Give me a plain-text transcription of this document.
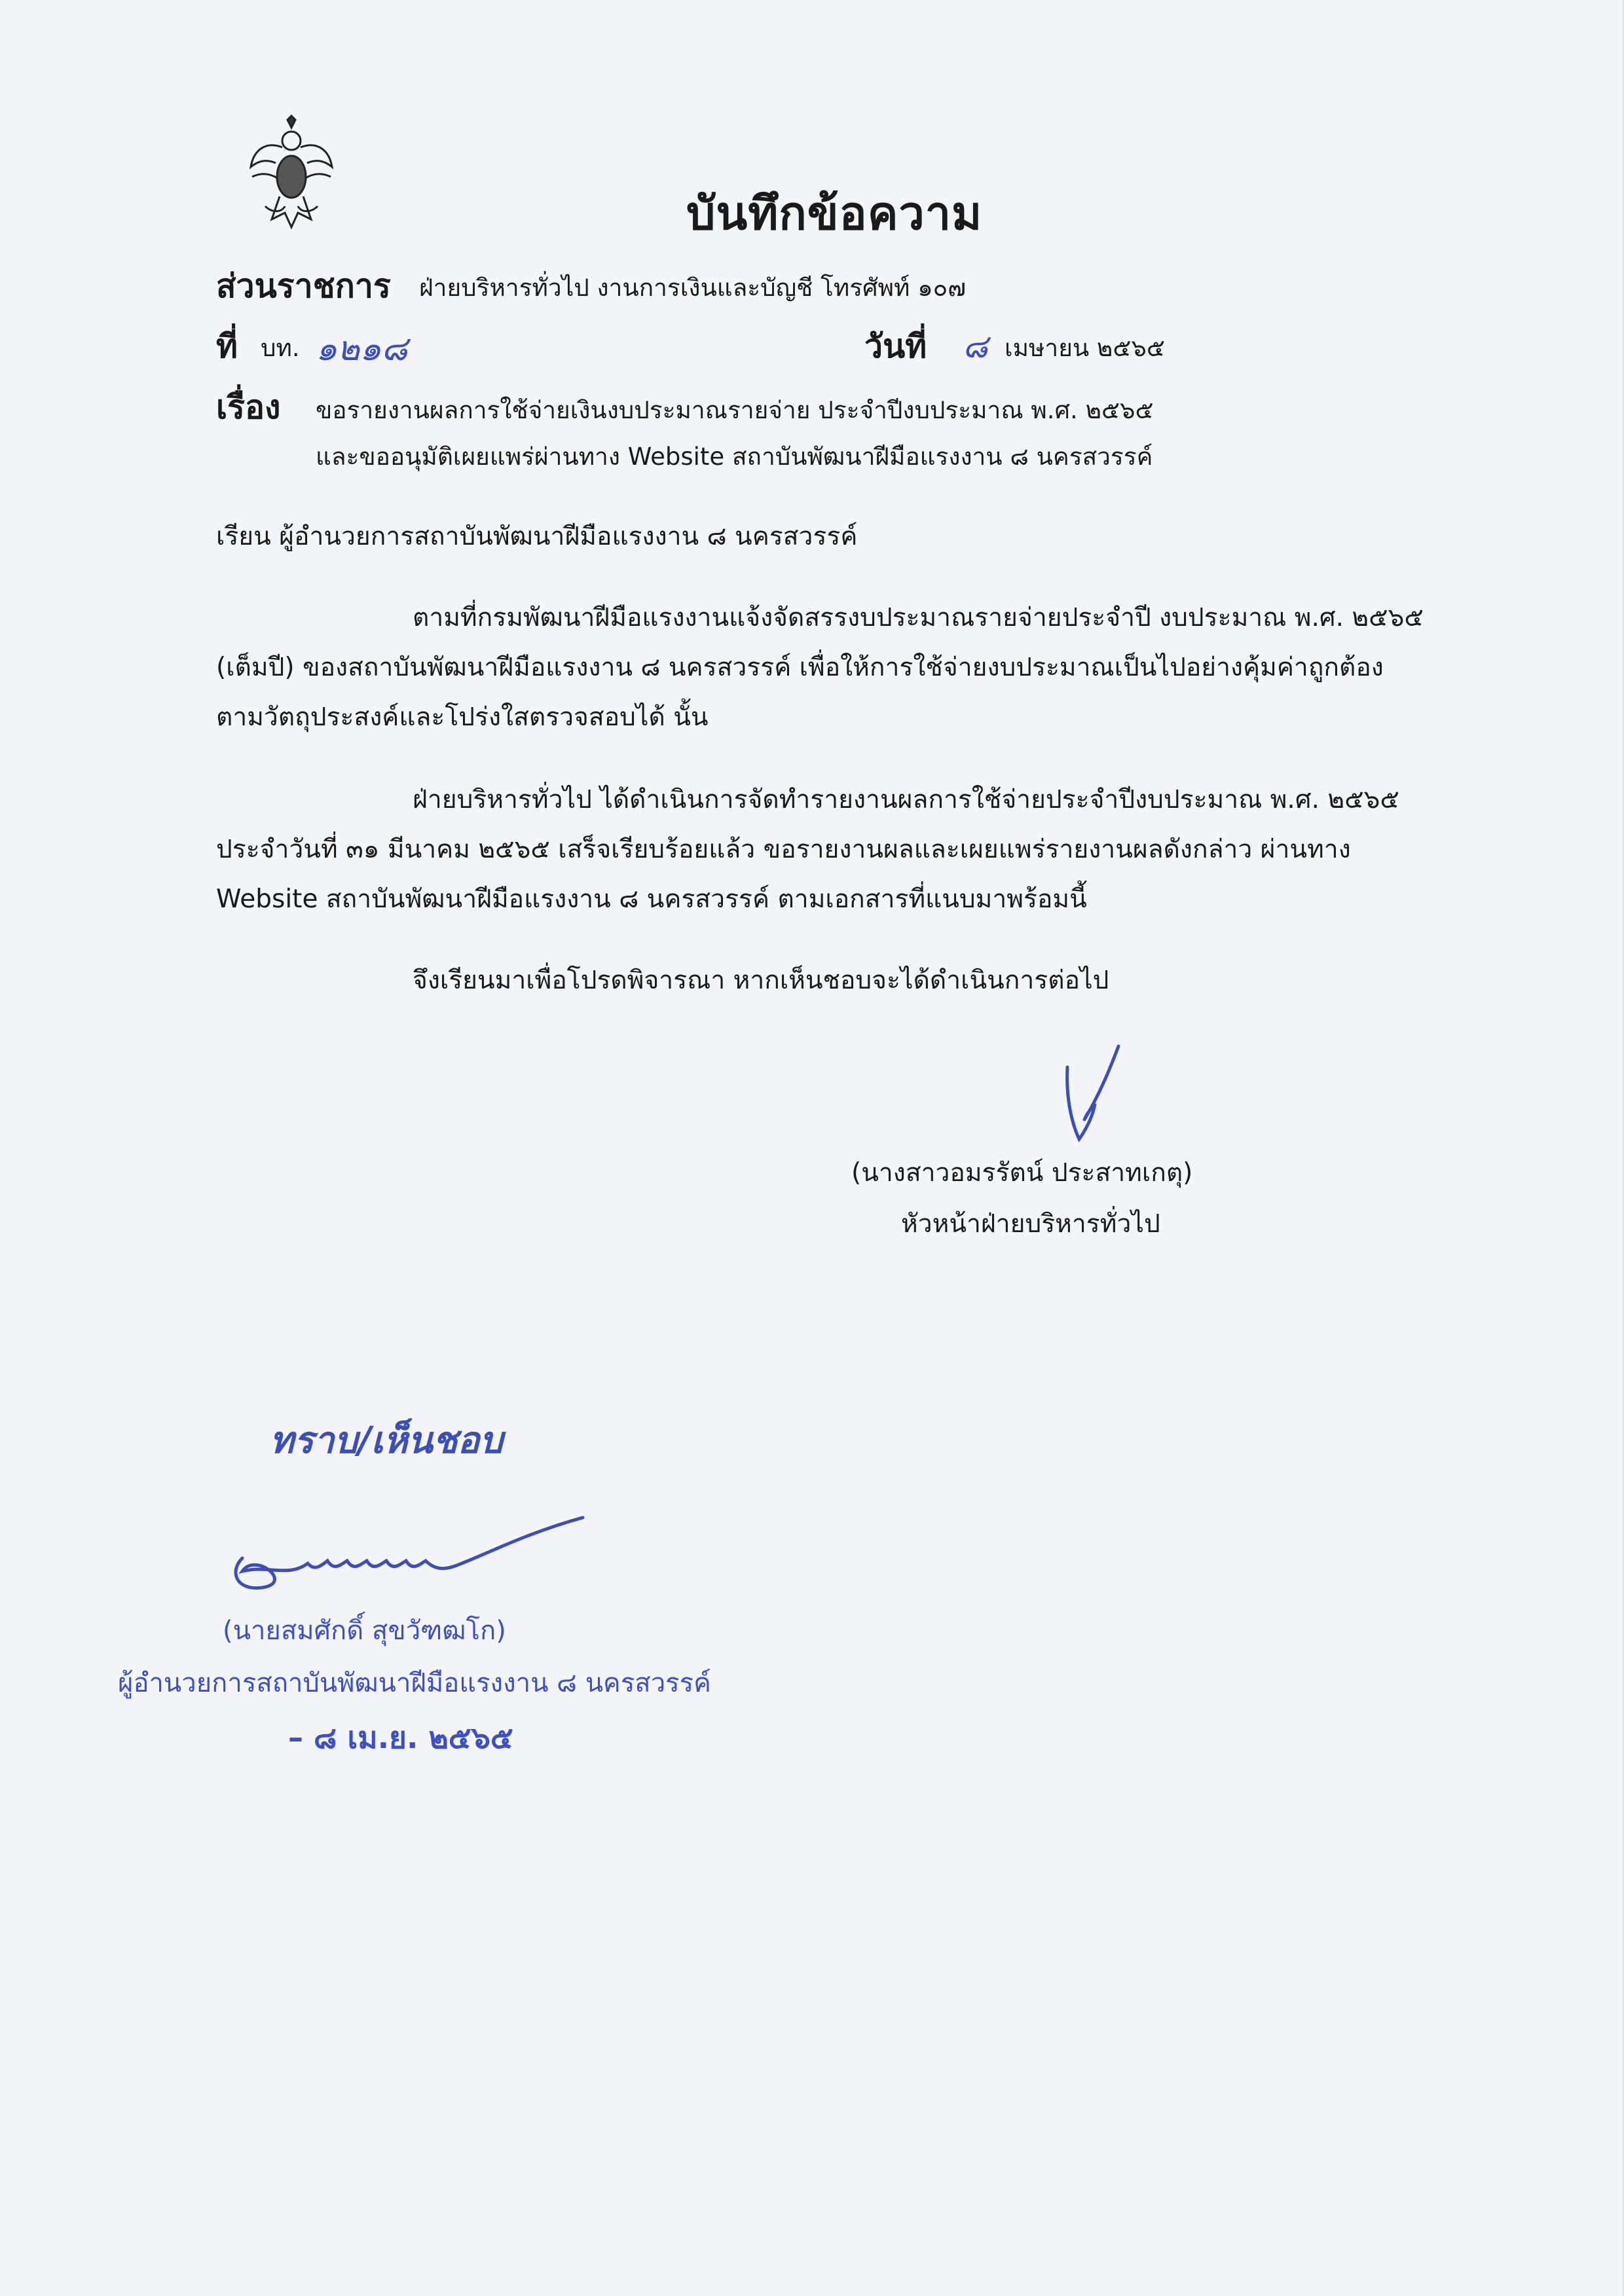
บันทึกข้อความ
ส่วนราชการ ฝ่ายบริหารทั่วไป งานการเงินและบัญชี โทรศัพท์ ๑๐๗
ที่ บท. ๑๒๑๘	วันที่ ๘ เมษายน ๒๕๖๕
เรื่อง ขอรายงานผลการใช้จ่ายเงินงบประมาณรายจ่าย ประจำปีงบประมาณ พ.ศ. ๒๕๖๕
และขออนุมัติเผยแพร่ผ่านทาง Website สถาบันพัฒนาฝีมือแรงงาน ๘ นครสวรรค์
เรียน ผู้อำนวยการสถาบันพัฒนาฝีมือแรงงาน ๘ นครสวรรค์
ตามที่กรมพัฒนาฝีมือแรงงานแจ้งจัดสรรงบประมาณรายจ่ายประจำปี งบประมาณ พ.ศ. ๒๕๖๕
(เต็มปี) ของสถาบันพัฒนาฝีมือแรงงาน ๘ นครสวรรค์ เพื่อให้การใช้จ่ายงบประมาณเป็นไปอย่างคุ้มค่าถูกต้อง
ตามวัตถุประสงค์และโปร่งใสตรวจสอบได้ นั้น
ฝ่ายบริหารทั่วไป ได้ดำเนินการจัดทำรายงานผลการใช้จ่ายประจำปีงบประมาณ พ.ศ. ๒๕๖๕
ประจำวันที่ ๓๑ มีนาคม ๒๕๖๕ เสร็จเรียบร้อยแล้ว ขอรายงานผลและเผยแพร่รายงานผลดังกล่าว ผ่านทาง
Website สถาบันพัฒนาฝีมือแรงงาน ๘ นครสวรรค์ ตามเอกสารที่แนบมาพร้อมนี้
จึงเรียนมาเพื่อโปรดพิจารณา หากเห็นชอบจะได้ดำเนินการต่อไป
(นางสาวอมรรัตน์ ประสาทเกตุ)
หัวหน้าฝ่ายบริหารทั่วไป
ทราบ/เห็นชอบ
(นายสมศักดิ์ สุขวัฑฒโก)
ผู้อำนวยการสถาบันพัฒนาฝีมือแรงงาน ๘ นครสวรรค์
– ๘ เม.ย. ๒๕๖๕
